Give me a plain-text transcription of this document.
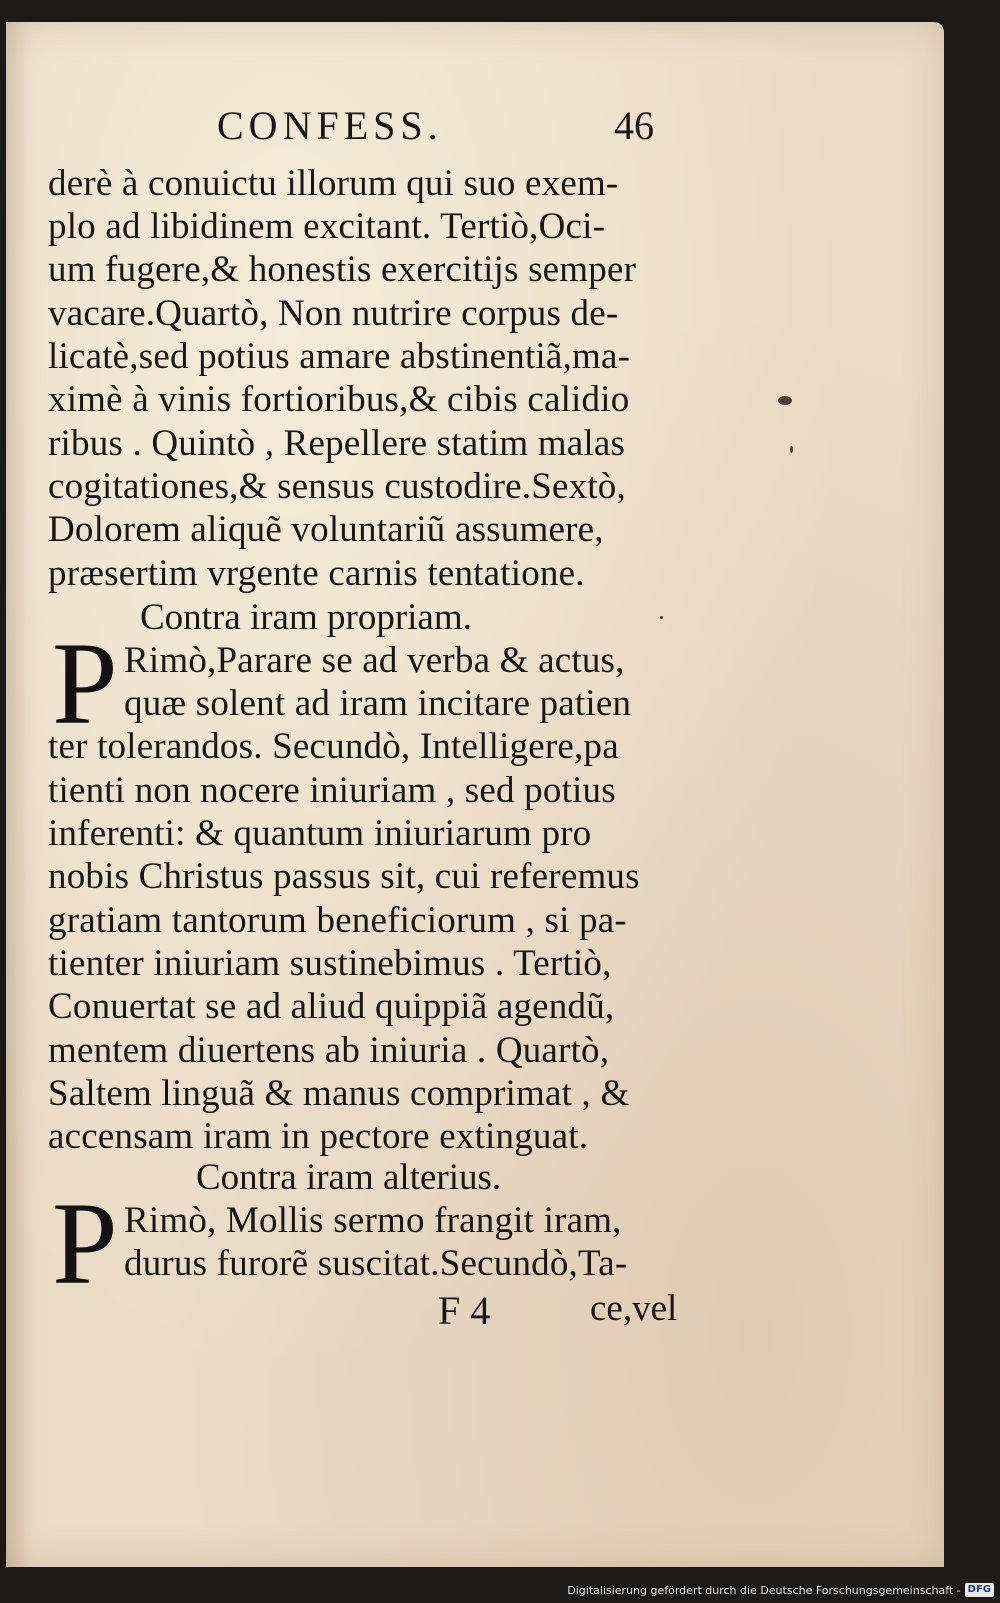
CONFESS.	46
derè à conuictu illorum qui suo exem-
plo ad libidinem excitant. Tertiò,Oci-
um fugere,& honestis exercitijs semper
vacare.Quartò, Non nutrire corpus de-
licatè,sed potius amare abstinentiã,ma-
ximè à vinis fortioribus,& cibis calidio
ribus . Quintò , Repellere statim malas
cogitationes,& sensus custodire.Sextò,
Dolorem aliquẽ voluntariũ assumere,
præsertim vrgente carnis tentatione.
Contra iram propriam.
P Rimò,Parare se ad verba & actus,
quæ solent ad iram incitare patien
ter tolerandos. Secundò, Intelligere,pa
tienti non nocere iniuriam , sed potius
inferenti: & quantum iniuriarum pro
nobis Christus passus sit, cui referemus
gratiam tantorum beneficiorum , si pa-
tienter iniuriam sustinebimus . Tertiò,
Conuertat se ad aliud quippiã agendũ,
mentem diuertens ab iniuria . Quartò,
Saltem linguã & manus comprimat , &
accensam iram in pectore extinguat.
Contra iram alterius.
P Rimò, Mollis sermo frangit iram,
durus furorẽ suscitat.Secundò,Ta-
F 4	ce,vel
Digitalisierung gefördert durch die Deutsche Forschungsgemeinschaft - DFG
